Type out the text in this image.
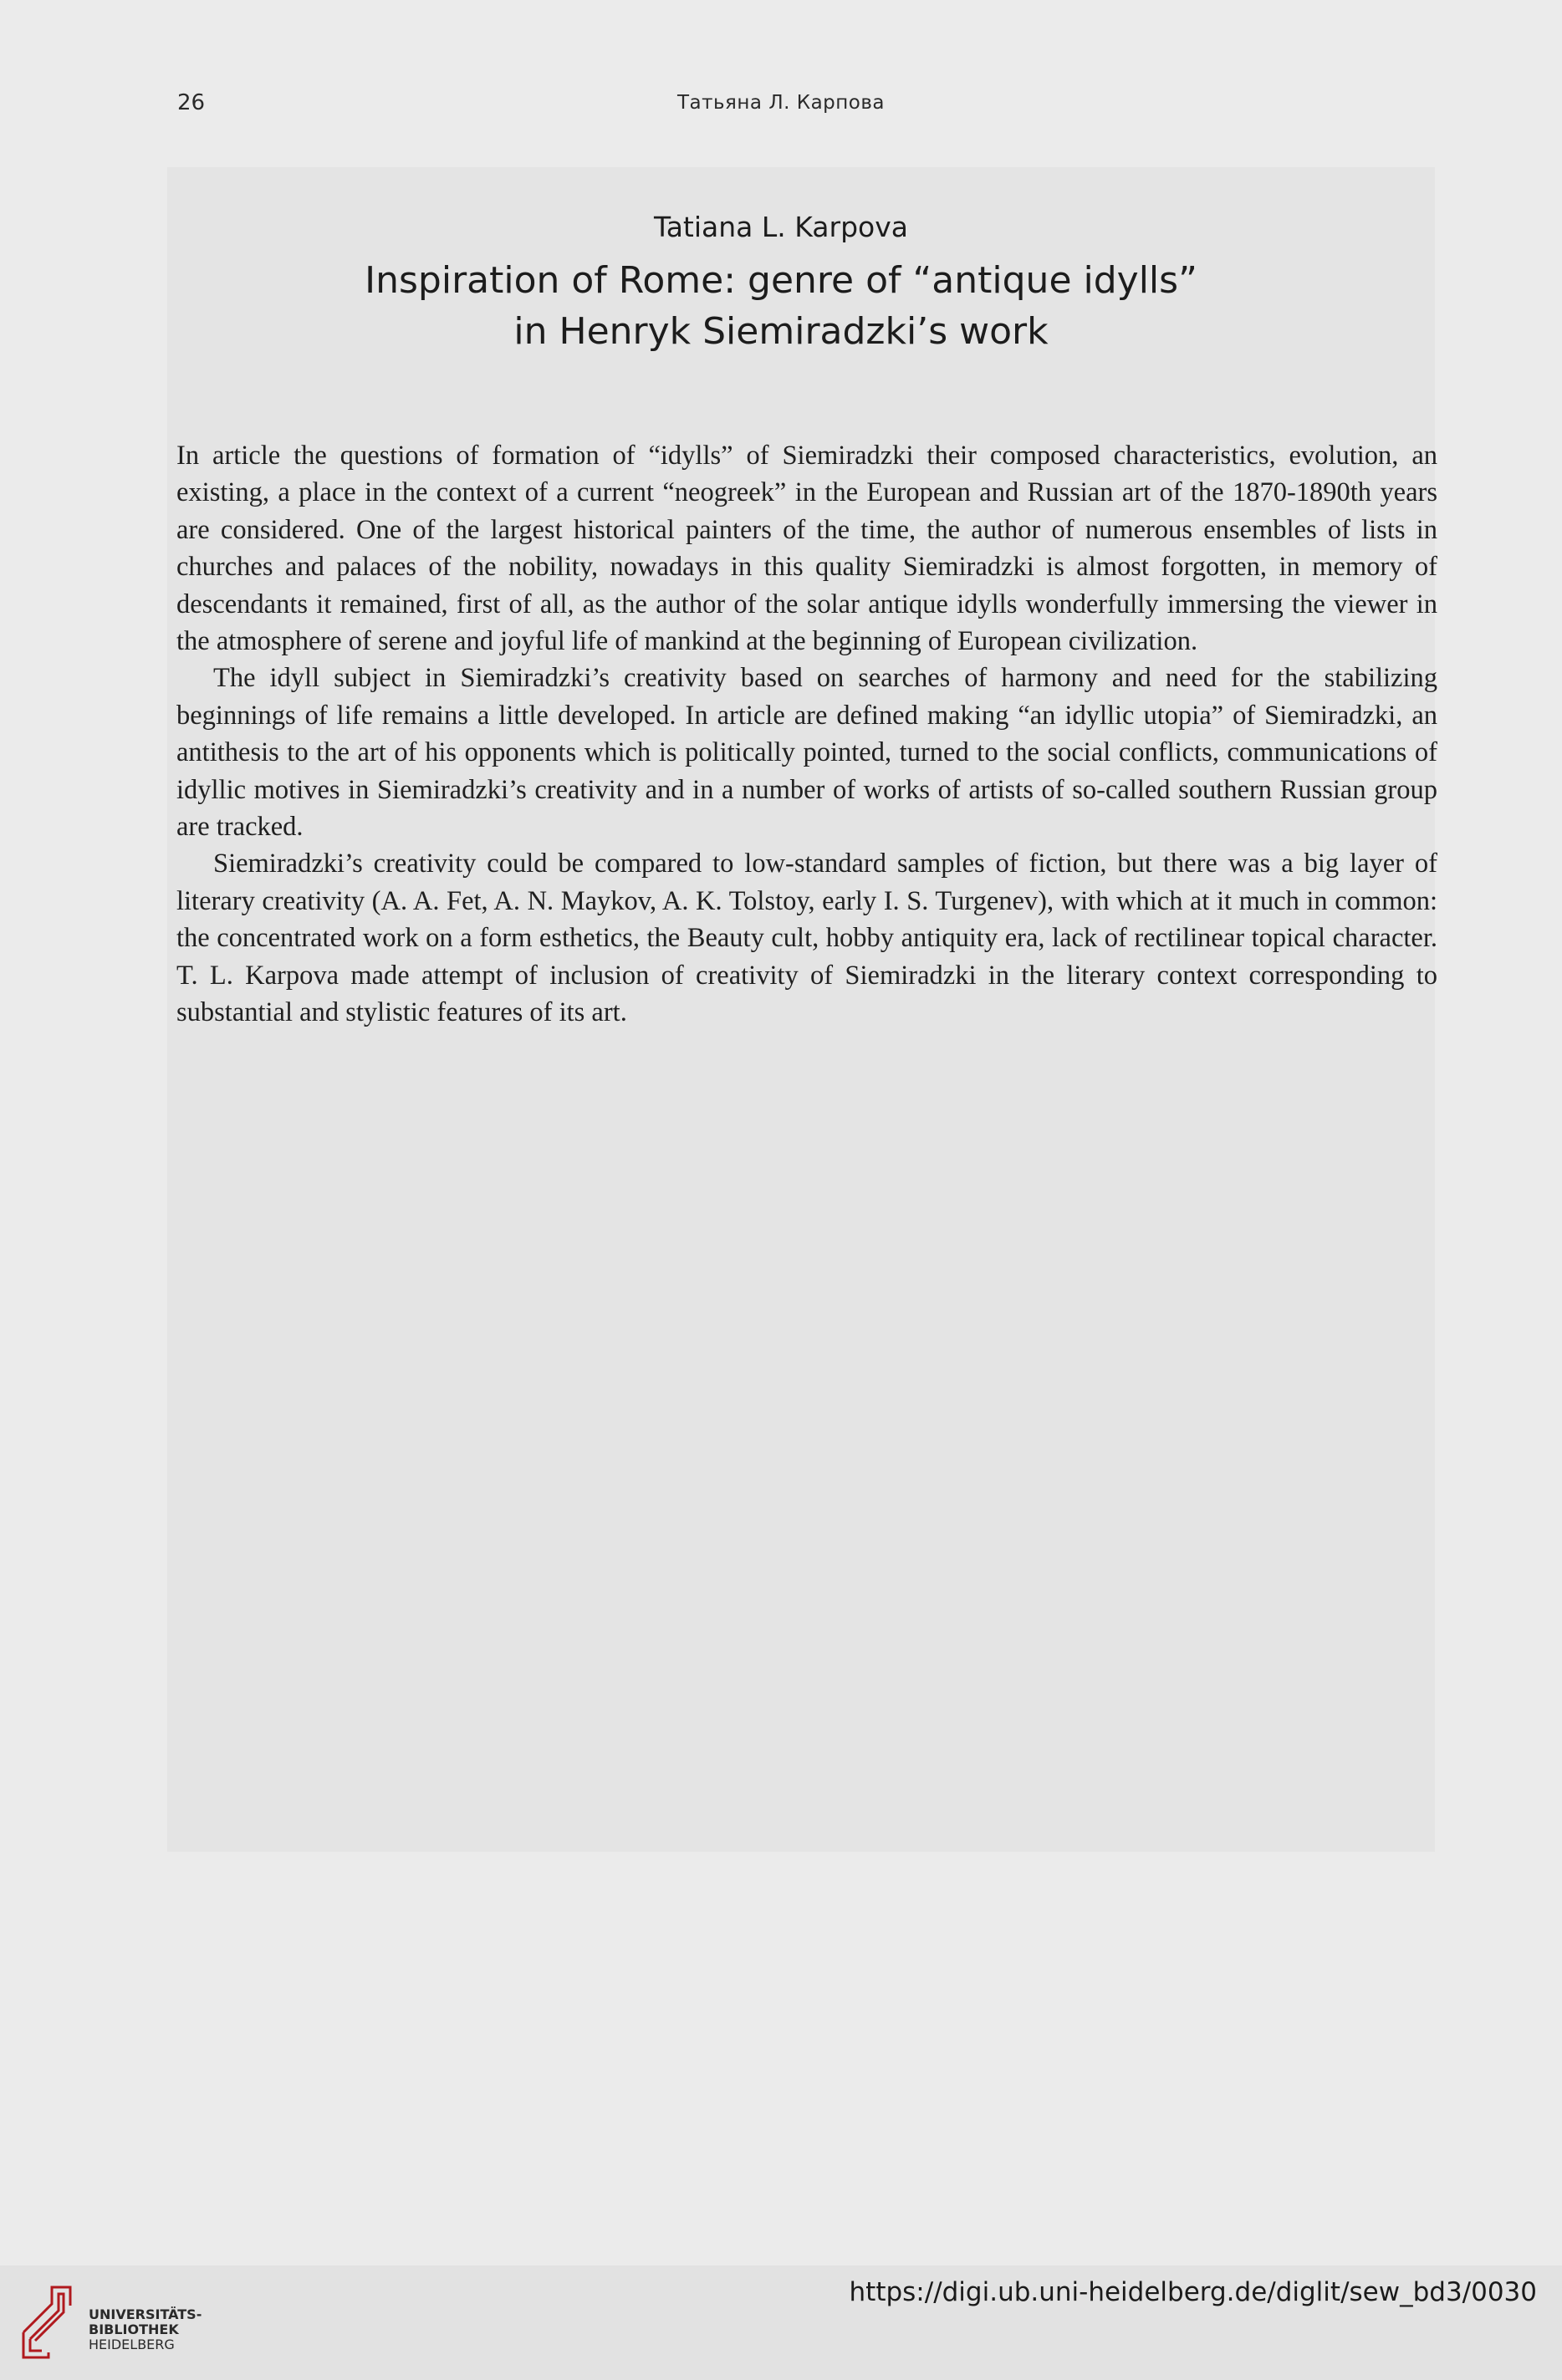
26	Татьяна Л. Карпова
Tatiana L. Karpova
Inspiration of Rome: genre of “antique idylls”
in Henryk Siemiradzki’s work

In article the questions of formation of “idylls” of Siemiradzki their composed characteristics, evolution, an existing, a place in the context of a current “neogreek” in the European and Russian art of the 1870-1890th years are considered. One of the largest historical painters of the time, the author of numerous ensembles of lists in churches and palaces of the nobility, nowadays in this quality Siemiradzki is almost forgotten, in memory of descendants it remained, first of all, as the author of the solar antique idylls wonderfully immersing the viewer in the atmosphere of serene and joyful life of mankind at the beginning of European civilization.

The idyll subject in Siemiradzki’s creativity based on searches of harmony and need for the stabilizing beginnings of life remains a little developed. In article are defined making “an idyllic utopia” of Siemiradzki, an antithesis to the art of his opponents which is politically pointed, turned to the social conflicts, communications of idyllic motives in Siemiradzki’s creativity and in a number of works of artists of so-called southern Russian group are tracked.

Siemiradzki’s creativity could be compared to low-standard samples of fiction, but there was a big layer of literary creativity (A. A. Fet, A. N. Maykov, A. K. Tolstoy, early I. S. Turgenev), with which at it much in common: the concentrated work on a form esthetics, the Beauty cult, hobby antiquity era, lack of rectilinear topical character. T. L. Karpova made attempt of inclusion of creativity of Siemiradzki in the literary context corresponding to substantial and stylistic features of its art.

UNIVERSITÄTS-
BIBLIOTHEK
HEIDELBERG
https://digi.ub.uni-heidelberg.de/diglit/sew_bd3/0030
